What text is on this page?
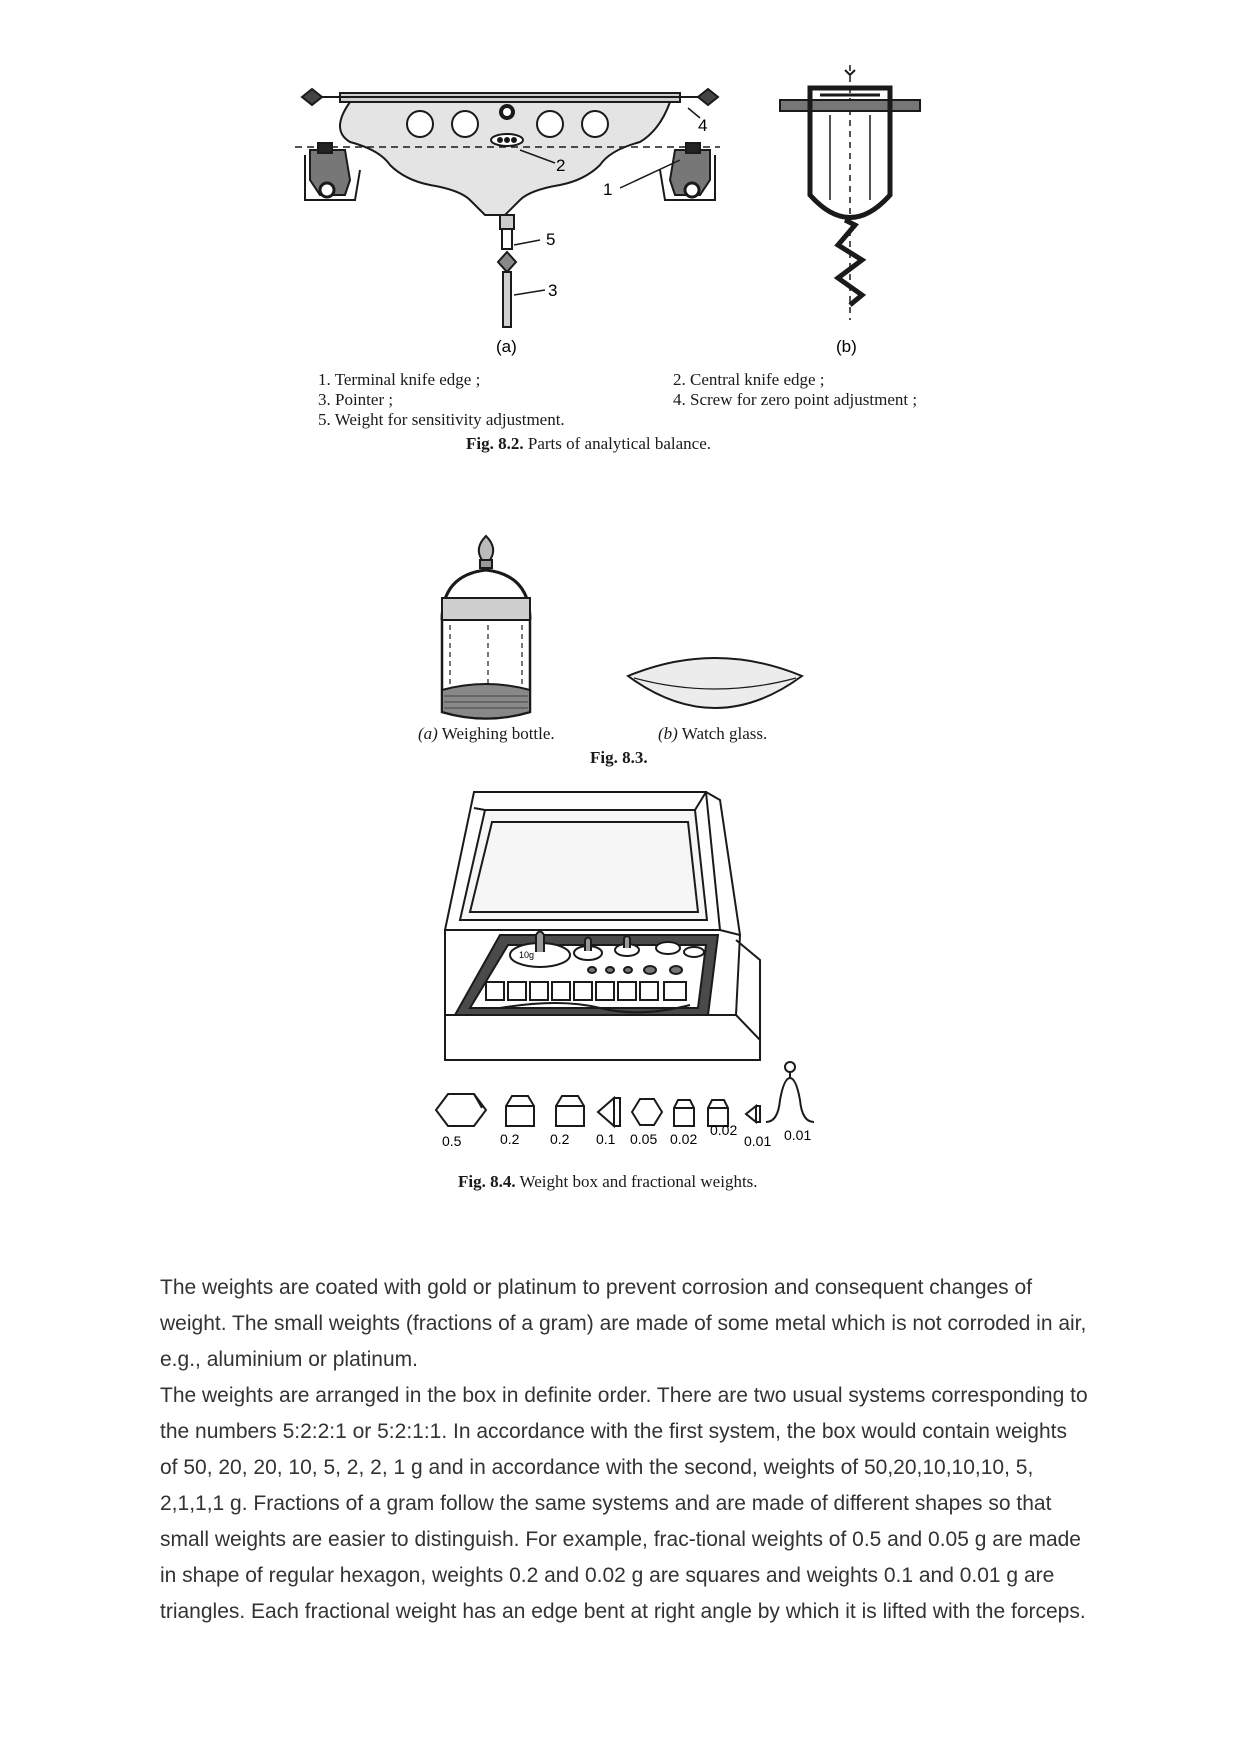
4
2
1
5
3
(a)	(b)
1. Terminal knife edge ;	2. Central knife edge ;
3. Pointer ;	4. Screw for zero point adjustment ;
5. Weight for sensitivity adjustment.
Fig. 8.2. Parts of analytical balance.
(a) Weighing bottle.	(b) Watch glass.
Fig. 8.3.
10g
0.5	0.2 0.2 0.1 0.05 0.02
0.02
0.01 0.01
Fig. 8.4. Weight box and fractional weights.

The weights are coated with gold or platinum to prevent corrosion and consequent changes of weight. The small weights (fractions of a gram) are made of some metal which is not corroded in air, e.g., aluminium or platinum.

The weights are arranged in the box in definite order. There are two usual systems corresponding to the numbers 5:2:2:1 or 5:2:1:1. In accordance with the first system, the box would contain weights of 50, 20, 20, 10, 5, 2, 2, 1 g and in accordance with the second, weights of 50,20,10,10,10, 5, 2,1,1,1 g. Fractions of a gram follow the same systems and are made of different shapes so that small weights are easier to distinguish. For example, frac-tional weights of 0.5 and 0.05 g are made in shape of regular hexagon, weights 0.2 and 0.02 g are squares and weights 0.1 and 0.01 g are triangles. Each fractional weight has an edge bent at right angle by which it is lifted with the forceps.
